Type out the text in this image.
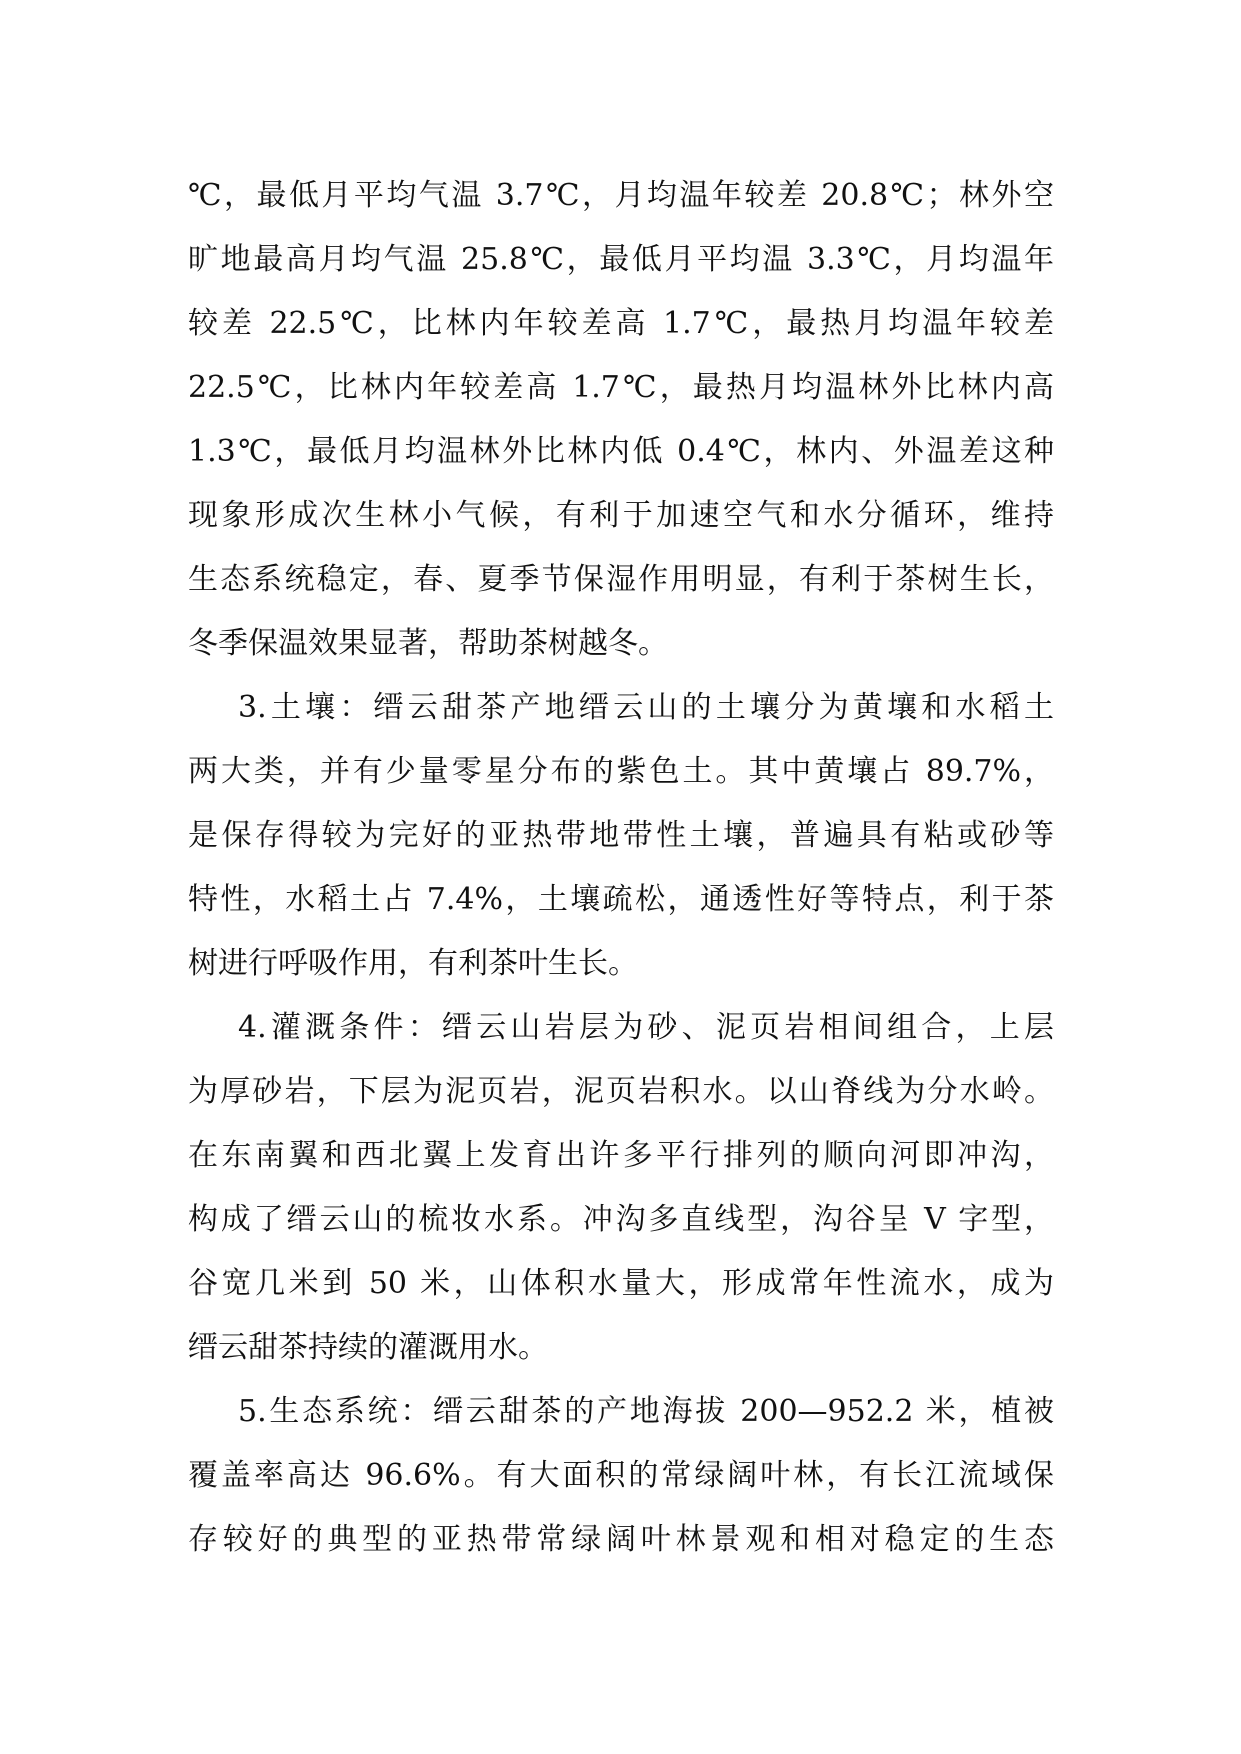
℃，最低月平均气温 3.7℃，月均温年较差 20.8℃；林外空
旷地最高月均气温 25.8℃，最低月平均温 3.3℃，月均温年
较差 22.5℃，比林内年较差高 1.7℃，最热月均温年较差
22.5℃，比林内年较差高 1.7℃，最热月均温林外比林内高
1.3℃，最低月均温林外比林内低 0.4℃，林内、外温差这种
现象形成次生林小气候，有利于加速空气和水分循环，维持
生态系统稳定，春、夏季节保湿作用明显，有利于茶树生长，
冬季保温效果显著，帮助茶树越冬。
3.土壤：缙云甜茶产地缙云山的土壤分为黄壤和水稻土
两大类，并有少量零星分布的紫色土。其中黄壤占 89.7%，
是保存得较为完好的亚热带地带性土壤，普遍具有粘或砂等
特性，水稻土占 7.4%，土壤疏松，通透性好等特点，利于茶
树进行呼吸作用，有利茶叶生长。
4.灌溉条件：缙云山岩层为砂、泥页岩相间组合，上层
为厚砂岩，下层为泥页岩，泥页岩积水。以山脊线为分水岭。
在东南翼和西北翼上发育出许多平行排列的顺向河即冲沟，
构成了缙云山的梳妆水系。冲沟多直线型，沟谷呈 V 字型，
谷宽几米到 50 米，山体积水量大，形成常年性流水，成为
缙云甜茶持续的灌溉用水。
5.生态系统：缙云甜茶的产地海拔 200—952.2 米，植被
覆盖率高达 96.6%。有大面积的常绿阔叶林，有长江流域保
存较好的典型的亚热带常绿阔叶林景观和相对稳定的生态
